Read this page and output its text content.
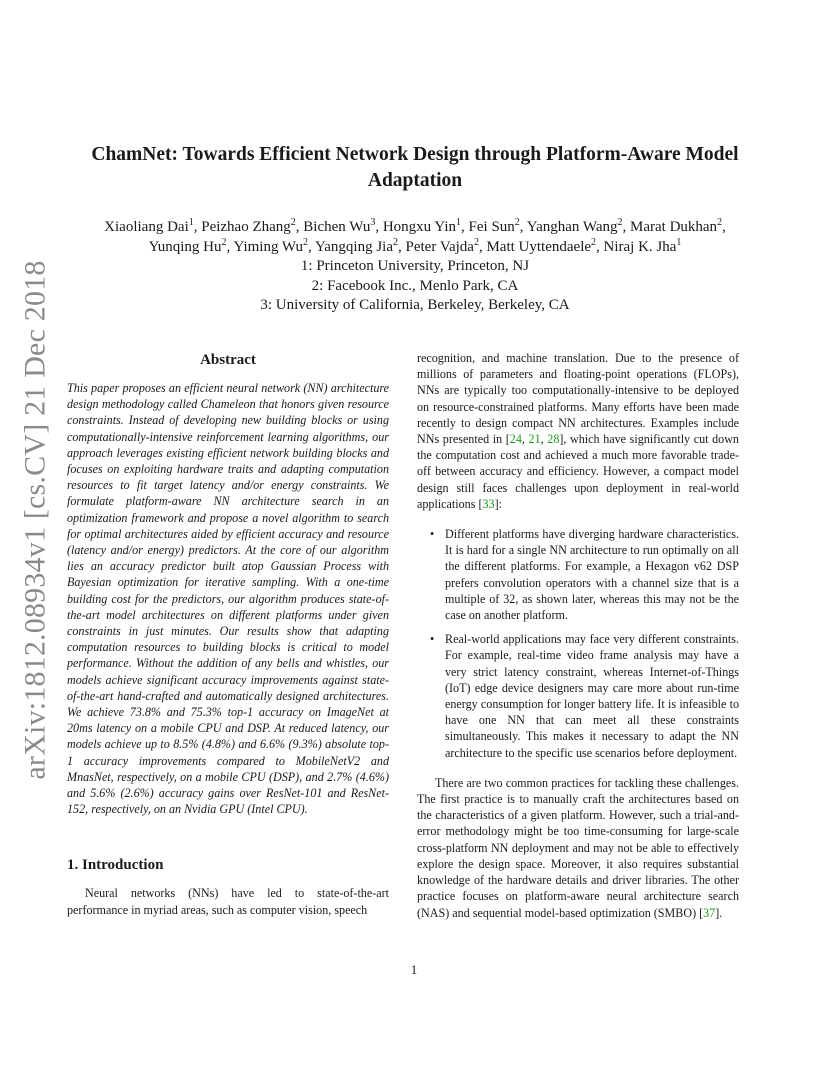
arXiv:1812.08934v1 [cs.CV] 21 Dec 2018
ChamNet: Towards Efficient Network Design through Platform-Aware Model Adaptation
Xiaoliang Dai$^1$, Peizhao Zhang$^2$, Bichen Wu$^3$, Hongxu Yin$^1$, Fei Sun$^2$, Yanghan Wang$^2$, Marat Dukhan$^2$,
Yunqing Hu$^2$, Yiming Wu$^2$, Yangqing Jia$^2$, Peter Vajda$^2$, Matt Uyttendaele$^2$, Niraj K. Jha$^1$
1: Princeton University, Princeton, NJ
2: Facebook Inc., Menlo Park, CA
3: University of California, Berkeley, Berkeley, CA
Abstract

This paper proposes an efficient neural network (NN) architecture design methodology called Chameleon that honors given resource constraints. Instead of developing new building blocks or using computationally-intensive reinforcement learning algorithms, our approach leverages existing efficient network building blocks and focuses on exploiting hardware traits and adapting computation resources to fit target latency and/or energy constraints. We formulate platform-aware NN architecture search in an optimization framework and propose a novel algorithm to search for optimal architectures aided by efficient accuracy and resource (latency and/or energy) predictors. At the core of our algorithm lies an accuracy predictor built atop Gaussian Process with Bayesian optimization for iterative sampling. With a one-time building cost for the predictors, our algorithm produces state-of-the-art model architectures on different platforms under given constraints in just minutes. Our results show that adapting computation resources to building blocks is critical to model performance. Without the addition of any bells and whistles, our models achieve significant accuracy improvements against state-of-the-art hand-crafted and automatically designed architectures. We achieve 73.8% and 75.3% top-1 accuracy on ImageNet at 20ms latency on a mobile CPU and DSP. At reduced latency, our models achieve up to 8.5% (4.8%) and 6.6% (9.3%) absolute top-1 accuracy improvements compared to MobileNetV2 and MnasNet, respectively, on a mobile CPU (DSP), and 2.7% (4.6%) and 5.6% (2.6%) accuracy gains over ResNet-101 and ResNet-152, respectively, on an Nvidia GPU (Intel CPU).

1. Introduction

Neural networks (NNs) have led to state-of-the-art performance in myriad areas, such as computer vision, speech

recognition, and machine translation. Due to the presence of millions of parameters and floating-point operations (FLOPs), NNs are typically too computationally-intensive to be deployed on resource-constrained platforms. Many efforts have been made recently to design compact NN architectures. Examples include NNs presented in [24, 21, 28], which have significantly cut down the computation cost and achieved a much more favorable trade-off between accuracy and efficiency. However, a compact model design still faces challenges upon deployment in real-world applications [33]:

• Different platforms have diverging hardware characteristics. It is hard for a single NN architecture to run optimally on all the different platforms. For example, a Hexagon v62 DSP prefers convolution operators with a channel size that is a multiple of 32, as shown later, whereas this may not be the case on another platform.
• Real-world applications may face very different constraints. For example, real-time video frame analysis may have a very strict latency constraint, whereas Internet-of-Things (IoT) edge device designers may care more about run-time energy consumption for longer battery life. It is infeasible to have one NN that can meet all these constraints simultaneously. This makes it necessary to adapt the NN architecture to the specific use scenarios before deployment.

There are two common practices for tackling these challenges. The first practice is to manually craft the architectures based on the characteristics of a given platform. However, such a trial-and-error methodology might be too time-consuming for large-scale cross-platform NN deployment and may not be able to effectively explore the design space. Moreover, it also requires substantial knowledge of the hardware details and driver libraries. The other practice focuses on platform-aware neural architecture search (NAS) and sequential model-based optimization (SMBO) [37].

1
